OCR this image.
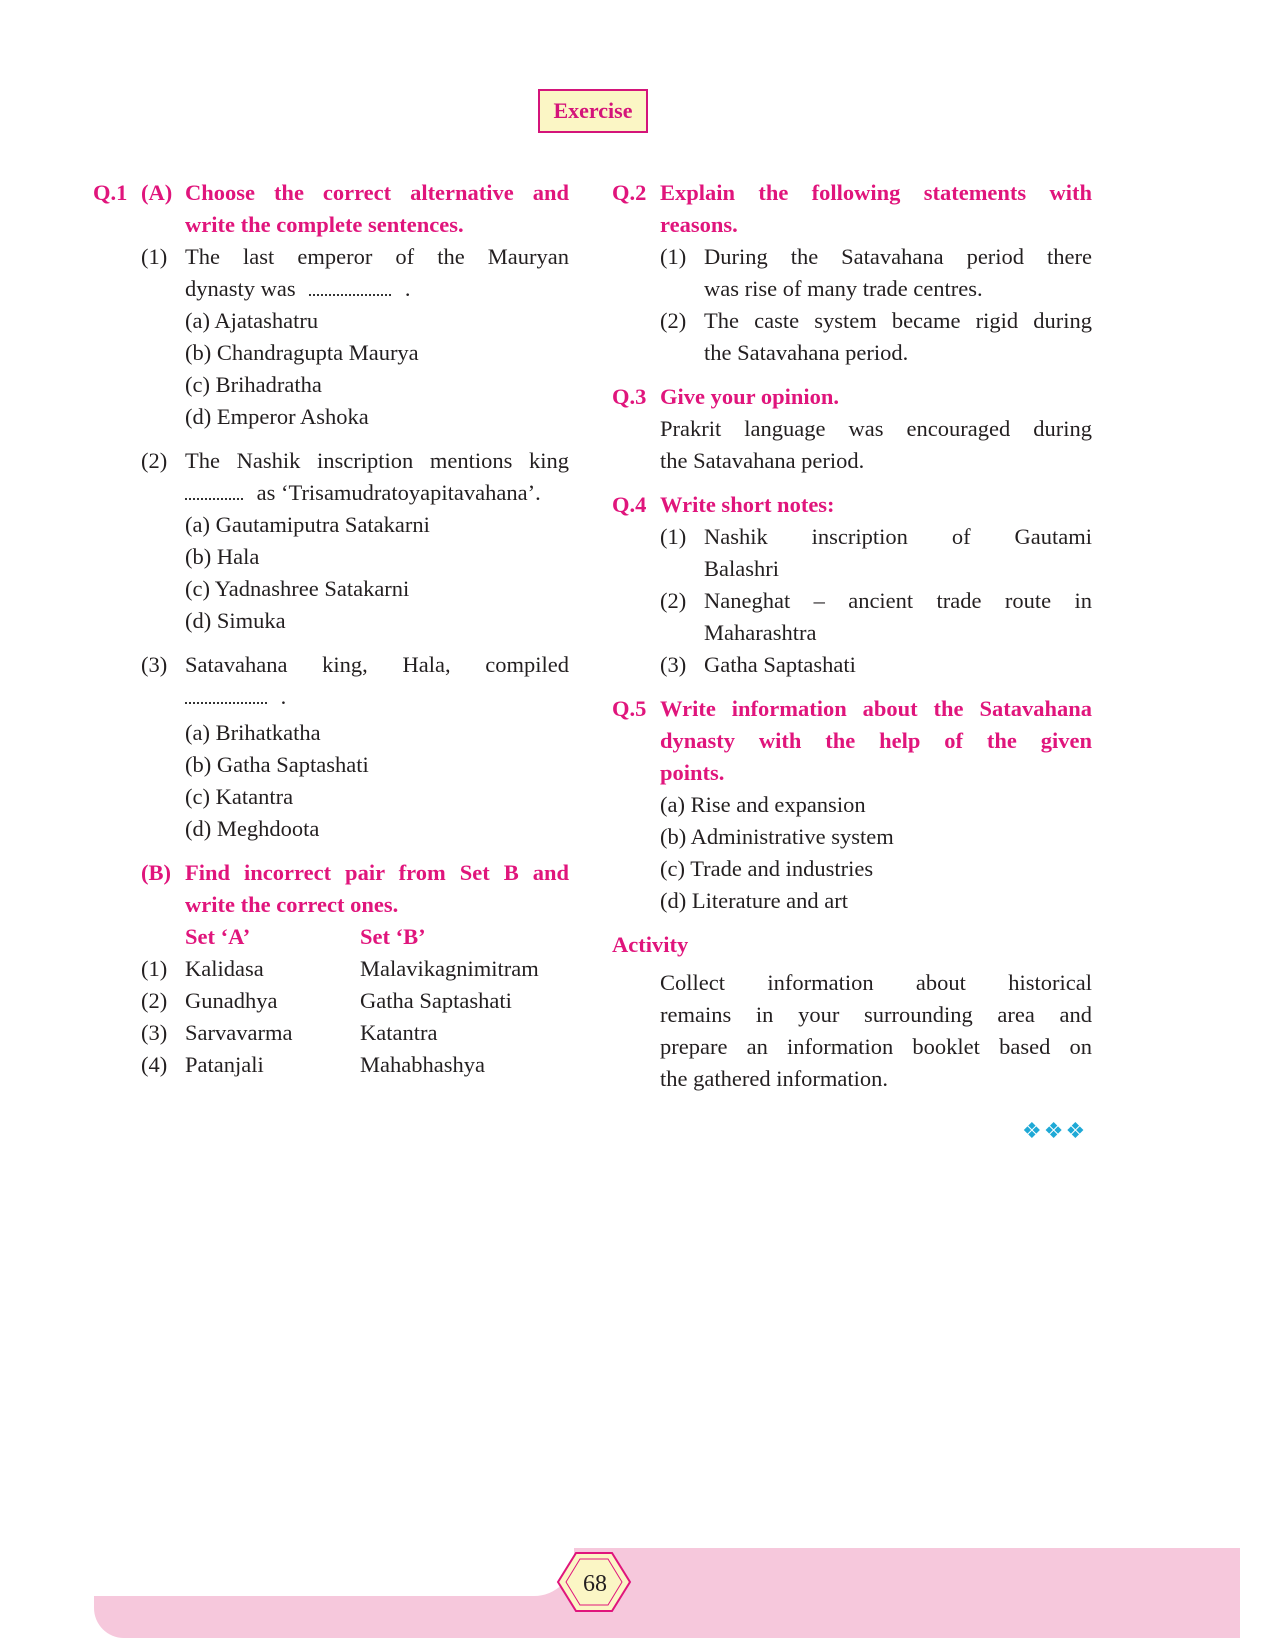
Exercise
Q.1 (A) Choose the correct alternative and
write the complete sentences.
(1) The last emperor of the Mauryan
dynasty was	.
(a) Ajatashatru
(b) Chandragupta Maurya
(c) Brihadratha
(d) Emperor Ashoka
(2) The Nashik inscription mentions king
as ‘Trisamudratoyapitavahana’.
(a) Gautamiputra Satakarni
(b) Hala
(c) Yadnashree Satakarni
(d) Simuka
(3) Satavahana king, Hala, compiled
.
(a) Brihatkatha
(b) Gatha Saptashati
(c) Katantra
(d) Meghdoota
(B) Find incorrect pair from Set B and
write the correct ones.
Set ‘A’	Set ‘B’
(1) Kalidasa	Malavikagnimitram
(2) Gunadhya	Gatha Saptashati
(3) Sarvavarma	Katantra
(4) Patanjali	Mahabhashya
Q.2 Explain the following statements with
reasons.
(1) During the Satavahana period there
was rise of many trade centres.
(2) The caste system became rigid during
the Satavahana period.
Q.3 Give your opinion.
Prakrit language was encouraged during
the Satavahana period.
Q.4 Write short notes:
(1) Nashik inscription of Gautami
Balashri
(2) Naneghat – ancient trade route in
Maharashtra
(3) Gatha Saptashati
Q.5 Write information about the Satavahana
dynasty with the help of the given
points.
(a) Rise and expansion
(b) Administrative system
(c) Trade and industries
(d) Literature and art
Activity
Collect information about historical
remains in your surrounding area and
prepare an information booklet based on
the gathered information.
❖❖❖
68
